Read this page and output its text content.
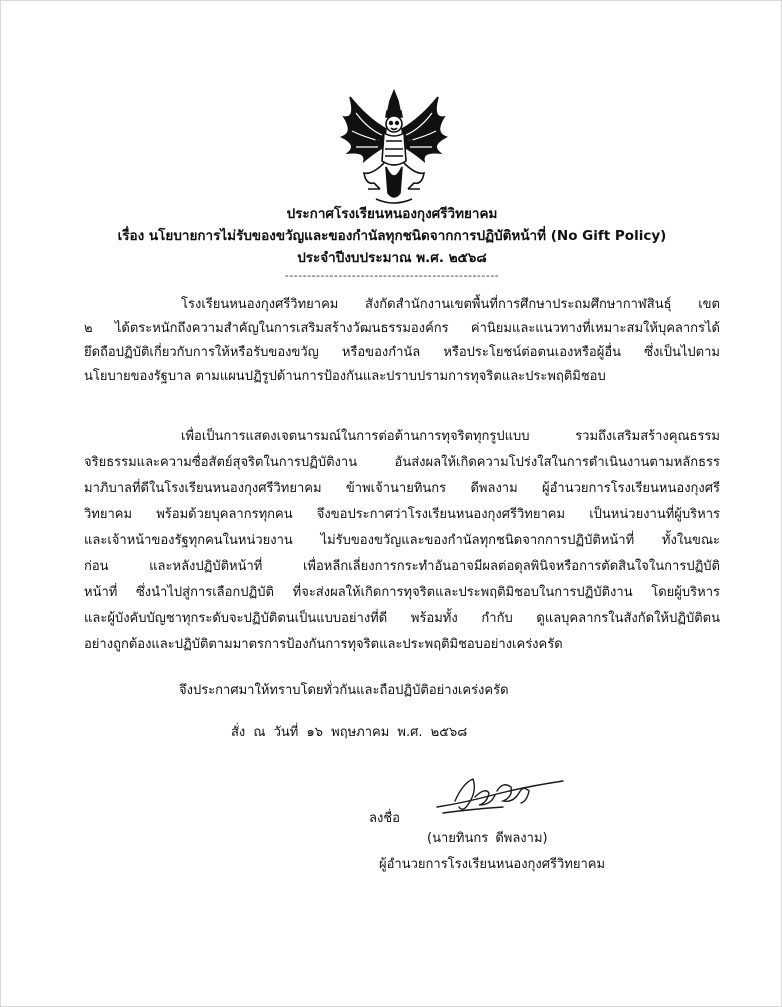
ประกาศโรงเรียนหนองกุงศรีวิทยาคม
เรื่อง นโยบายการไม่รับของขวัญและของกำนัลทุกชนิดจากการปฏิบัติหน้าที่ (No Gift Policy)
ประจำปีงบประมาณ พ.ศ. ๒๕๖๘
------------------------------------------------
โรงเรียนหนองกุงศรีวิทยาคม สังกัดสำนักงานเขตพื้นที่การศึกษาประถมศึกษากาฬสินธุ์ เขต
๒ ได้ตระหนักถึงความสำคัญในการเสริมสร้างวัฒนธรรมองค์กร ค่านิยมและแนวทางที่เหมาะสมให้บุคลากรได้
ยึดถือปฏิบัติเกี่ยวกับการให้หรือรับของขวัญ หรือของกำนัล หรือประโยชน์ต่อตนเองหรือผู้อื่น ซึ่งเป็นไปตาม
นโยบายของรัฐบาล ตามแผนปฏิรูปด้านการป้องกันและปราบปรามการทุจริตและประพฤติมิชอบ
เพื่อเป็นการแสดงเจตนารมณ์ในการต่อต้านการทุจริตทุกรูปแบบ รวมถึงเสริมสร้างคุณธรรม
จริยธรรมและความซื่อสัตย์สุจริตในการปฏิบัติงาน อันส่งผลให้เกิดความโปร่งใสในการดำเนินงานตามหลักธรร
มาภิบาลที่ดีในโรงเรียนหนองกุงศรีวิทยาคม ข้าพเจ้านายทินกร ดีพลงาม ผู้อำนวยการโรงเรียนหนองกุงศรี
วิทยาคม พร้อมด้วยบุคลากรทุกคน จึงขอประกาศว่าโรงเรียนหนองกุงศรีวิทยาคม เป็นหน่วยงานที่ผู้บริหาร
และเจ้าหน้าของรัฐทุกคนในหน่วยงาน ไม่รับของขวัญและของกำนัลทุกชนิดจากการปฏิบัติหน้าที่ ทั้งในขณะ
ก่อน และหลังปฏิบัติหน้าที่ เพื่อหลีกเลี่ยงการกระทำอันอาจมีผลต่อดุลพินิจหรือการตัดสินใจในการปฏิบัติ
หน้าที่ ซึ่งนำไปสู่การเลือกปฏิบัติ ที่จะส่งผลให้เกิดการทุจริตและประพฤติมิชอบในการปฏิบัติงาน โดยผู้บริหาร
และผู้บังคับบัญชาทุกระดับจะปฏิบัติตนเป็นแบบอย่างที่ดี พร้อมทั้ง กำกับ ดูแลบุคลากรในสังกัดให้ปฏิบัติตน
อย่างถูกต้องและปฏิบัติตามมาตรการป้องกันการทุจริตและประพฤติมิชอบอย่างเคร่งครัด
จึงประกาศมาให้ทราบโดยทั่วกันและถือปฏิบัติอย่างเคร่งครัด
สั่ง ณ วันที่ ๑๖ พฤษภาคม พ.ศ. ๒๕๖๘
ลงชื่อ
(นายทินกร ดีพลงาม)
ผู้อำนวยการโรงเรียนหนองกุงศรีวิทยาคม
